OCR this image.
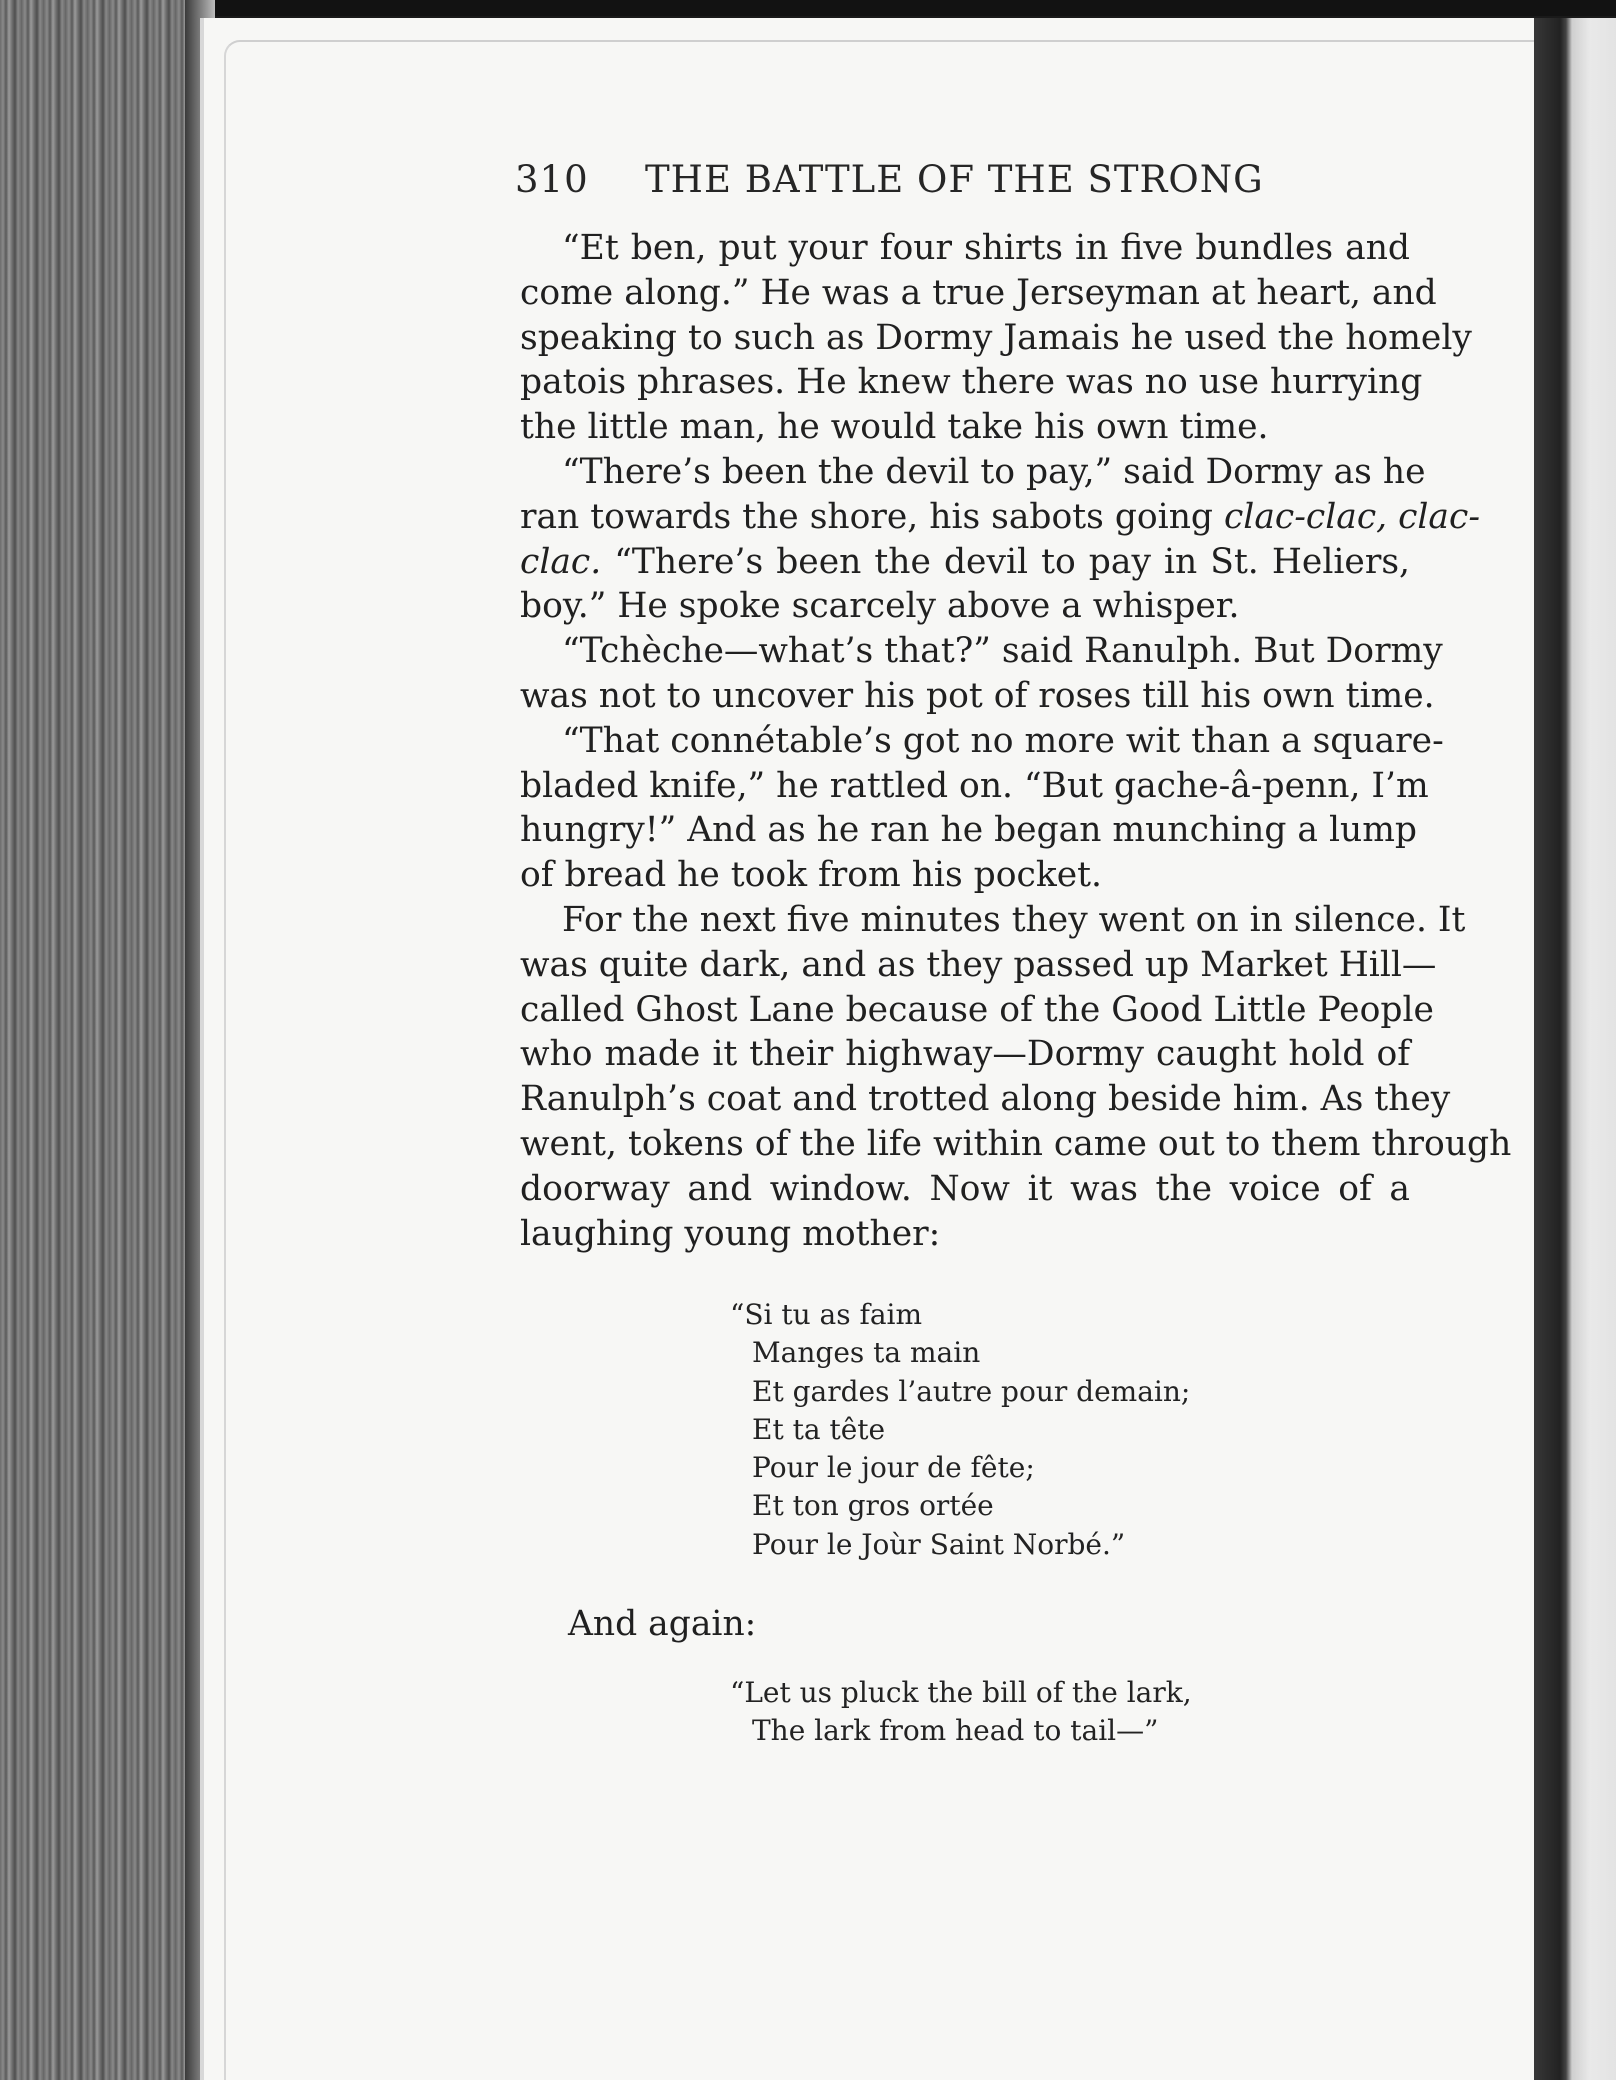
310 THE BATTLE OF THE STRONG
“Et ben, put your four shirts in five bundles and
come along.” He was a true Jerseyman at heart, and
speaking to such as Dormy Jamais he used the homely
patois phrases. He knew there was no use hurrying
the little man, he would take his own time.
“There’s been the devil to pay,” said Dormy as he
ran towards the shore, his sabots going clac-clac, clac-
clac. “There’s been the devil to pay in St. Heliers,
boy.” He spoke scarcely above a whisper.
“Tchèche—what’s that?” said Ranulph. But Dormy
was not to uncover his pot of roses till his own time.
“That connétable’s got no more wit than a square-
bladed knife,” he rattled on. “But gache-â-penn, I’m
hungry!” And as he ran he began munching a lump
of bread he took from his pocket.
For the next five minutes they went on in silence. It
was quite dark, and as they passed up Market Hill—
called Ghost Lane because of the Good Little People
who made it their highway—Dormy caught hold of
Ranulph’s coat and trotted along beside him. As they
went, tokens of the life within came out to them through
doorway and window. Now it was the voice of a
laughing young mother:
“Si tu as faim
Manges ta main
Et gardes l’autre pour demain;
Et ta tête
Pour le jour de fête;
Et ton gros ortée
Pour le Joùr Saint Norbé.”
And again:
“Let us pluck the bill of the lark,
The lark from head to tail—”
